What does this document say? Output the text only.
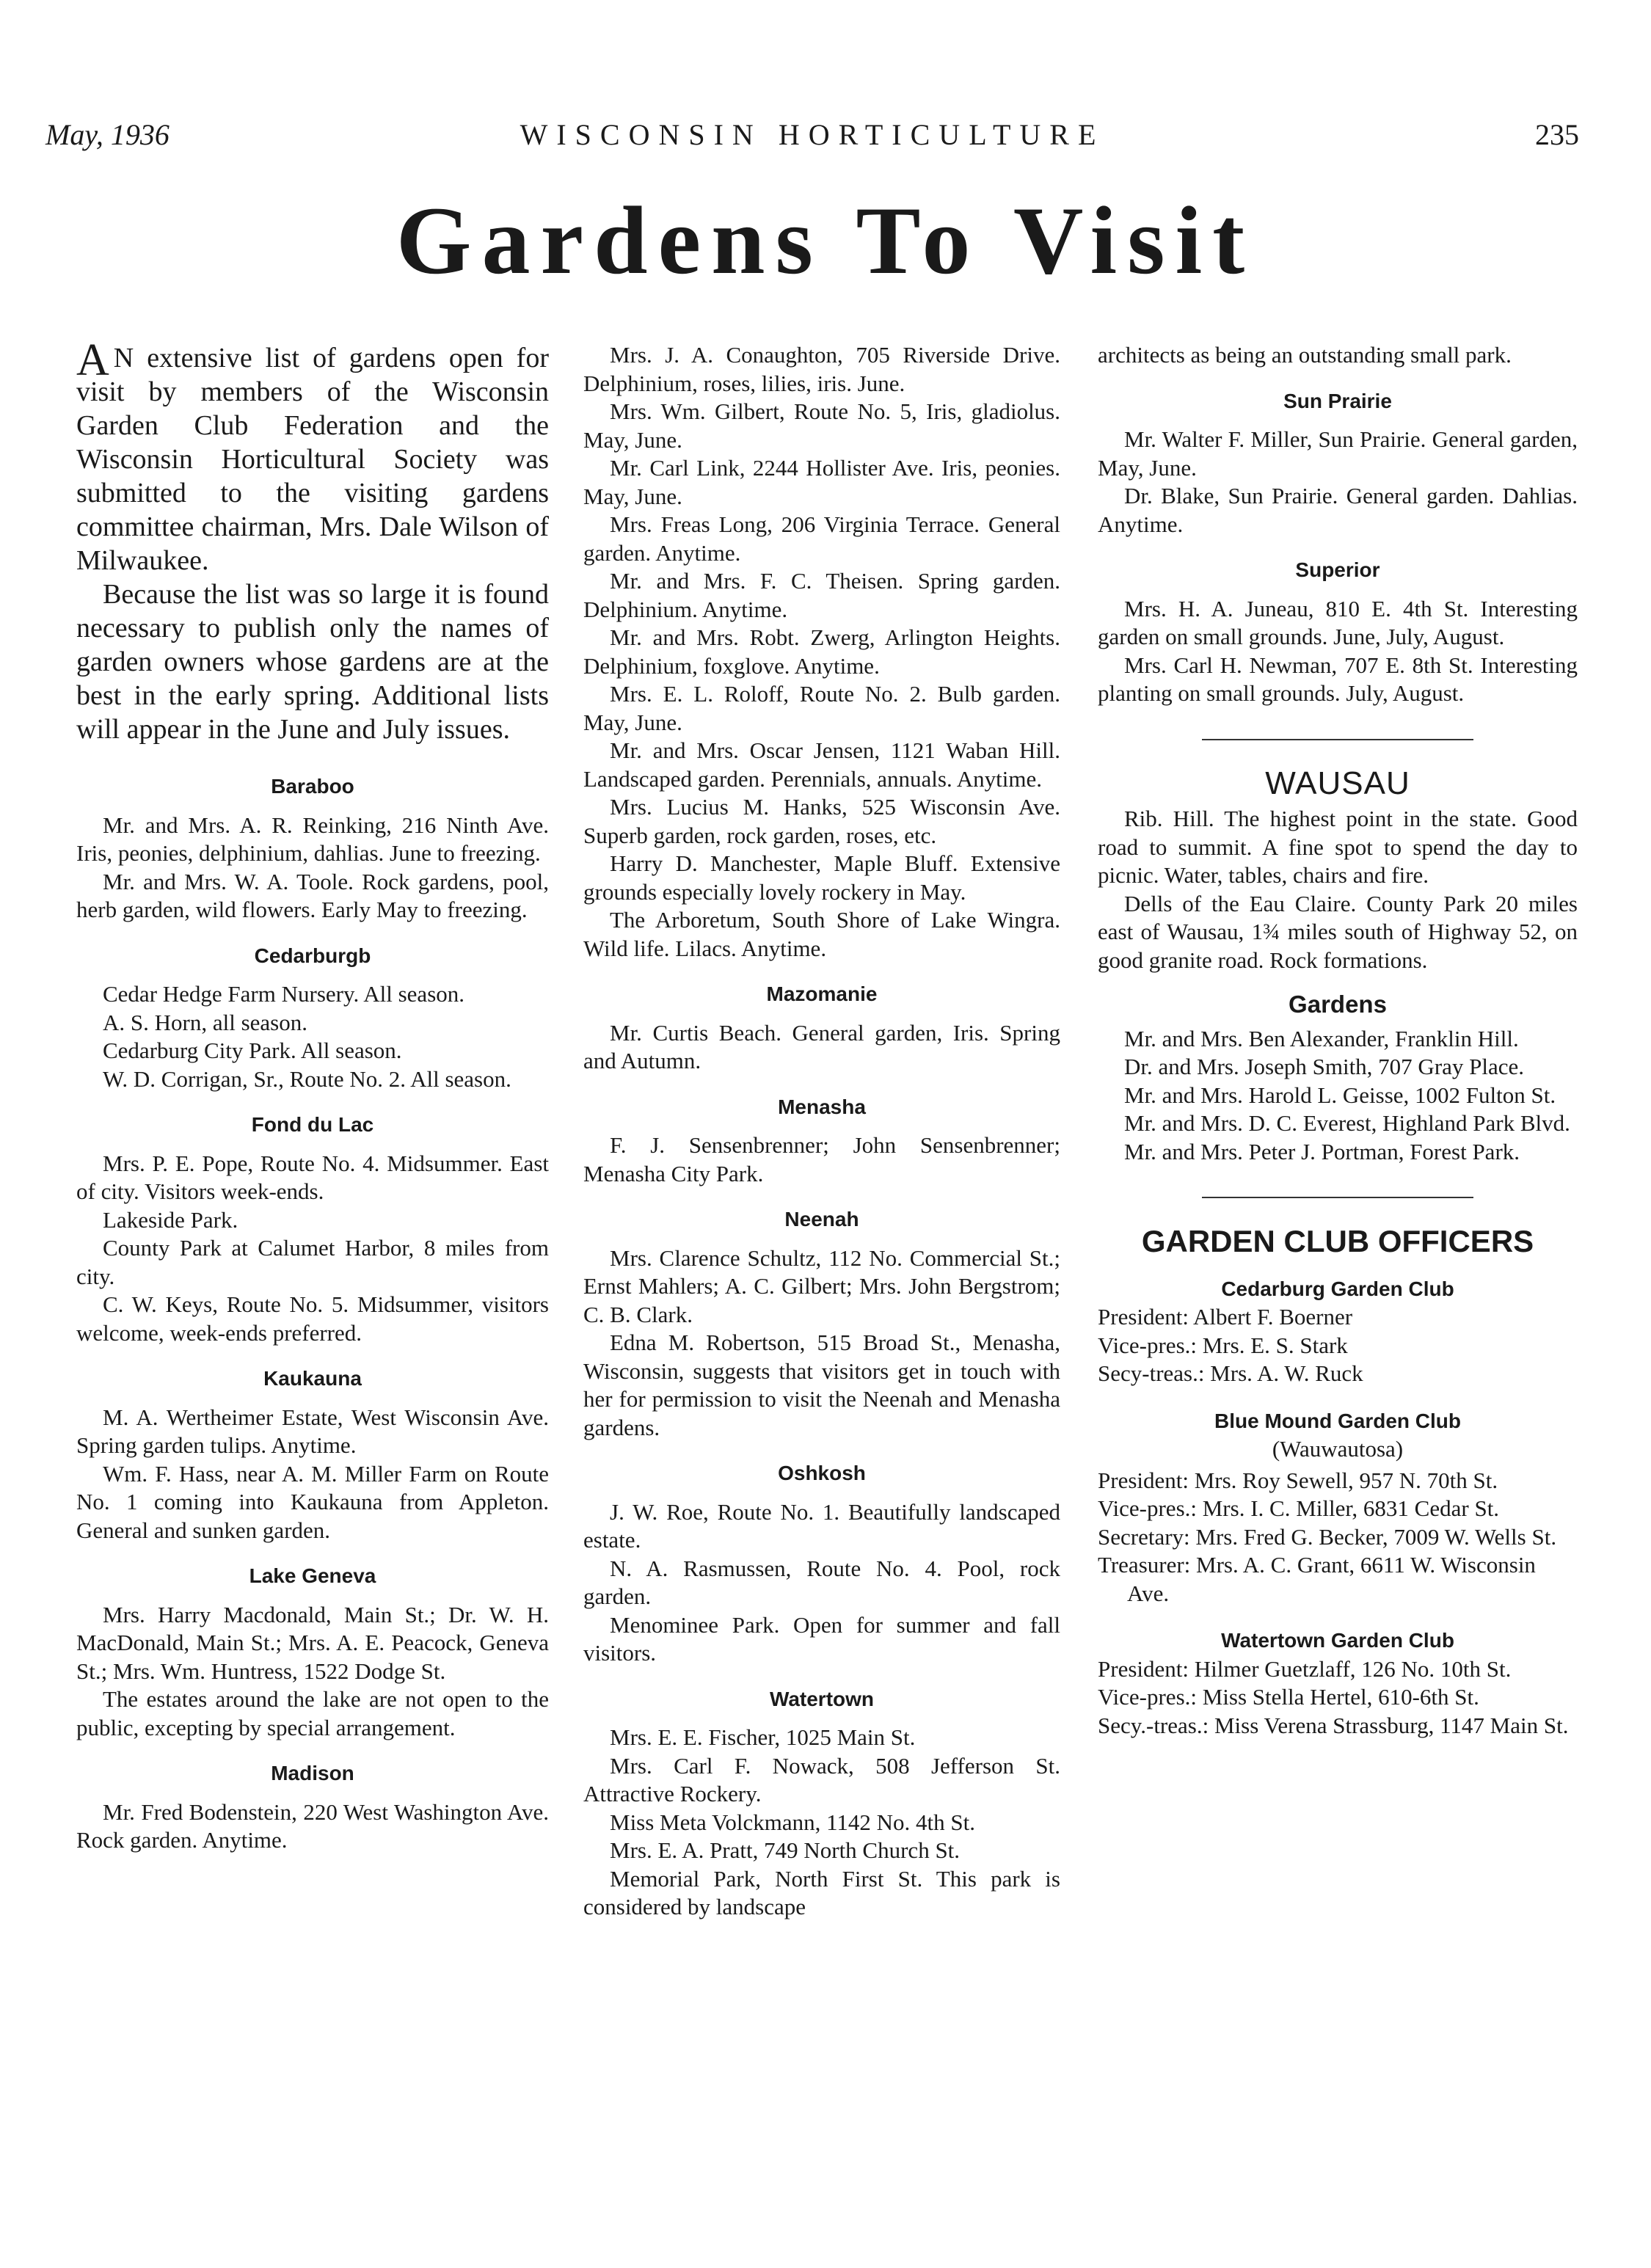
May, 1936	WISCONSIN HORTICULTURE	235
Gardens To Visit

A N extensive list of gardens open for visit by members of the Wisconsin Garden Club Federation and the Wisconsin Horticultural Society was submitted to the visiting gardens committee chairman, Mrs. Dale Wilson of Milwaukee.

Because the list was so large it is found necessary to publish only the names of garden owners whose gardens are at the best in the early spring. Additional lists will appear in the June and July issues.

Baraboo

Mr. and Mrs. A. R. Reinking, 216 Ninth Ave. Iris, peonies, delphinium, dahlias. June to freezing.

Mr. and Mrs. W. A. Toole. Rock gardens, pool, herb garden, wild flowers. Early May to freezing.

Cedarburgb

Cedar Hedge Farm Nursery. All season.

A. S. Horn, all season.

Cedarburg City Park. All season.

W. D. Corrigan, Sr., Route No. 2. All season.

Fond du Lac

Mrs. P. E. Pope, Route No. 4. Midsummer. East of city. Visitors week-ends.

Lakeside Park.

County Park at Calumet Harbor, 8 miles from city.

C. W. Keys, Route No. 5. Midsummer, visitors welcome, week-ends preferred.

Kaukauna

M. A. Wertheimer Estate, West Wisconsin Ave. Spring garden tulips. Anytime.

Wm. F. Hass, near A. M. Miller Farm on Route No. 1 coming into Kaukauna from Appleton. General and sunken garden.

Lake Geneva

Mrs. Harry Macdonald, Main St.; Dr. W. H. MacDonald, Main St.; Mrs. A. E. Peacock, Geneva St.; Mrs. Wm. Huntress, 1522 Dodge St.

The estates around the lake are not open to the public, excepting by special arrangement.

Madison

Mr. Fred Bodenstein, 220 West Washington Ave. Rock garden. Anytime.

Mrs. J. A. Conaughton, 705 Riverside Drive. Delphinium, roses, lilies, iris. June.

Mrs. Wm. Gilbert, Route No. 5, Iris, gladiolus. May, June.

Mr. Carl Link, 2244 Hollister Ave. Iris, peonies. May, June.

Mrs. Freas Long, 206 Virginia Terrace. General garden. Anytime.

Mr. and Mrs. F. C. Theisen. Spring garden. Delphinium. Anytime.

Mr. and Mrs. Robt. Zwerg, Arlington Heights. Delphinium, foxglove. Anytime.

Mrs. E. L. Roloff, Route No. 2. Bulb garden. May, June.

Mr. and Mrs. Oscar Jensen, 1121 Waban Hill. Landscaped garden. Perennials, annuals. Anytime.

Mrs. Lucius M. Hanks, 525 Wisconsin Ave. Superb garden, rock garden, roses, etc.

Harry D. Manchester, Maple Bluff. Extensive grounds especially lovely rockery in May.

The Arboretum, South Shore of Lake Wingra. Wild life. Lilacs. Anytime.

Mazomanie

Mr. Curtis Beach. General garden, Iris. Spring and Autumn.

Menasha

F. J. Sensenbrenner; John Sensenbrenner; Menasha City Park.

Neenah

Mrs. Clarence Schultz, 112 No. Commercial St.; Ernst Mahlers; A. C. Gilbert; Mrs. John Bergstrom; C. B. Clark.

Edna M. Robertson, 515 Broad St., Menasha, Wisconsin, suggests that visitors get in touch with her for permission to visit the Neenah and Menasha gardens.

Oshkosh

J. W. Roe, Route No. 1. Beautifully landscaped estate.

N. A. Rasmussen, Route No. 4. Pool, rock garden.

Menominee Park. Open for summer and fall visitors.

Watertown

Mrs. E. E. Fischer, 1025 Main St.

Mrs. Carl F. Nowack, 508 Jefferson St. Attractive Rockery.

Miss Meta Volckmann, 1142 No. 4th St.

Mrs. E. A. Pratt, 749 North Church St.

Memorial Park, North First St. This park is considered by landscape

architects as being an outstanding small park.

Sun Prairie

Mr. Walter F. Miller, Sun Prairie. General garden, May, June.

Dr. Blake, Sun Prairie. General garden. Dahlias. Anytime.

Superior

Mrs. H. A. Juneau, 810 E. 4th St. Interesting garden on small grounds. June, July, August.

Mrs. Carl H. Newman, 707 E. 8th St. Interesting planting on small grounds. July, August.

WAUSAU

Rib. Hill. The highest point in the state. Good road to summit. A fine spot to spend the day to picnic. Water, tables, chairs and fire.

Dells of the Eau Claire. County Park 20 miles east of Wausau, 1¾ miles south of Highway 52, on good granite road. Rock formations.

Gardens

Mr. and Mrs. Ben Alexander, Franklin Hill.

Dr. and Mrs. Joseph Smith, 707 Gray Place.

Mr. and Mrs. Harold L. Geisse, 1002 Fulton St.

Mr. and Mrs. D. C. Everest, Highland Park Blvd.

Mr. and Mrs. Peter J. Portman, Forest Park.

GARDEN CLUB OFFICERS
Cedarburg Garden Club

President: Albert F. Boerner

Vice-pres.: Mrs. E. S. Stark

Secy-treas.: Mrs. A. W. Ruck

Blue Mound Garden Club
(Wauwautosa)

President: Mrs. Roy Sewell, 957 N. 70th St.

Vice-pres.: Mrs. I. C. Miller, 6831 Cedar St.

Secretary: Mrs. Fred G. Becker, 7009 W. Wells St.

Treasurer: Mrs. A. C. Grant, 6611 W. Wisconsin Ave.

Watertown Garden Club

President: Hilmer Guetzlaff, 126 No. 10th St.

Vice-pres.: Miss Stella Hertel, 610-6th St.

Secy.-treas.: Miss Verena Strassburg, 1147 Main St.
